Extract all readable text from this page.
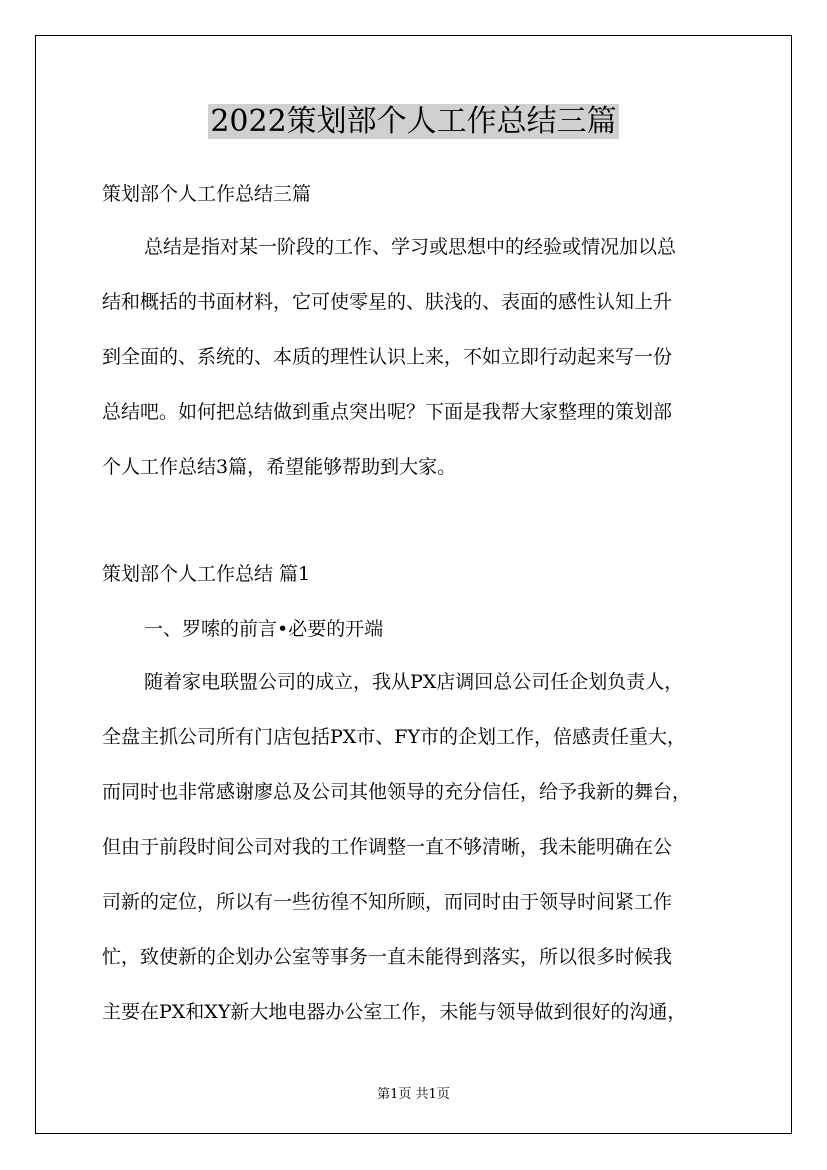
2022策划部个人工作总结三篇
策划部个人工作总结三篇
总结是指对某一阶段的工作、学习或思想中的经验或情况加以总
结和概括的书面材料，它可使零星的、肤浅的、表面的感性认知上升
到全面的、系统的、本质的理性认识上来，不如立即行动起来写一份
总结吧。如何把总结做到重点突出呢？下面是我帮大家整理的策划部
个人工作总结3篇，希望能够帮助到大家。
策划部个人工作总结 篇1
一、罗嗦的前言•必要的开端
随着家电联盟公司的成立，我从PX店调回总公司任企划负责人，
全盘主抓公司所有门店包括PX市、FY市的企划工作，倍感责任重大，
而同时也非常感谢廖总及公司其他领导的充分信任，给予我新的舞台，
但由于前段时间公司对我的工作调整一直不够清晰，我未能明确在公
司新的定位，所以有一些彷徨不知所顾，而同时由于领导时间紧工作
忙，致使新的企划办公室等事务一直未能得到落实，所以很多时候我
主要在PX和XY新大地电器办公室工作，未能与领导做到很好的沟通，
第1页 共1页
